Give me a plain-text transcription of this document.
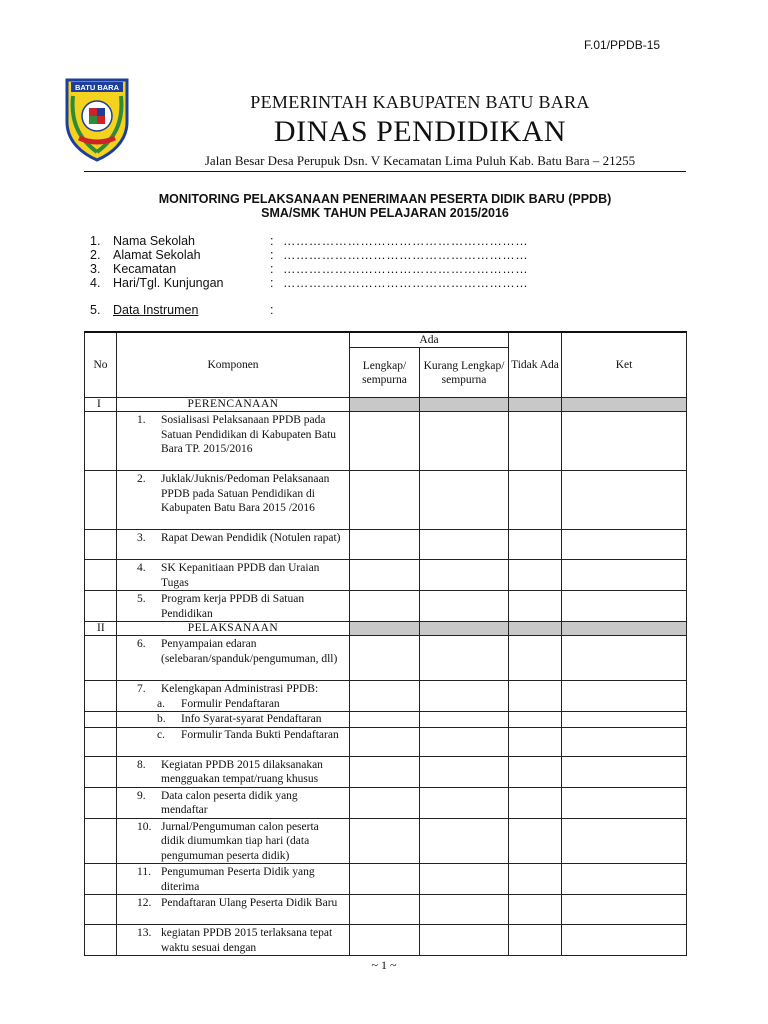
F.01/PPDB-15
BATU BARA
PEMERINTAH KABUPATEN BATU BARA
DINAS PENDIDIKAN
Jalan Besar Desa Perupuk Dsn. V Kecamatan Lima Puluh Kab. Batu Bara – 21255
MONITORING PELAKSANAAN PENERIMAAN PESERTA DIDIK BARU (PPDB)
SMA/SMK TAHUN PELAJARAN 2015/2016
1. Nama Sekolah	: …………………………………………………
2. Alamat Sekolah	: …………………………………………………
3. Kecamatan	: …………………………………………………
4. Hari/Tgl. Kunjungan	: …………………………………………………
5. Data Instrumen	:
No	Komponen	Ada		Tidak Ada	Ket
		Lengkap/ sempurna	Kurang Lengkap/ sempurna		
I	PERENCANAAN				

	1. Sosialisasi Pelaksanaan PPDB pada Satuan Pendidikan di Kabupaten Batu Bara TP. 2015/2016				

	2. Juklak/Juknis/Pedoman Pelaksanaan PPDB pada Satuan Pendidikan di Kabupaten Batu Bara 2015 /2016				

	3. Rapat Dewan Pendidik (Notulen rapat)				

	4. SK Kepanitiaan PPDB dan Uraian Tugas				

	5. Program kerja PPDB di Satuan Pendidikan				

II	PELAKSANAAN				

	6. Penyampaian edaran (selebaran/spanduk/pengumuman, dll)				

	7. Kelengkapan Administrasi PPDB:
a. Formulir Pendaftaran				

	b. Info Syarat-syarat Pendaftaran				

	c. Formulir Tanda Bukti Pendaftaran				

	8. Kegiatan PPDB 2015 dilaksanakan mengguakan tempat/ruang khusus				

	9. Data calon peserta didik yang mendaftar				

	10. Jurnal/Pengumuman calon peserta didik diumumkan tiap hari (data pengumuman peserta didik)				

	11. Pengumuman Peserta Didik yang diterima				

	12. Pendaftaran Ulang Peserta Didik Baru				

	13. kegiatan PPDB 2015 terlaksana tepat waktu sesuai dengan				

~ 1 ~
